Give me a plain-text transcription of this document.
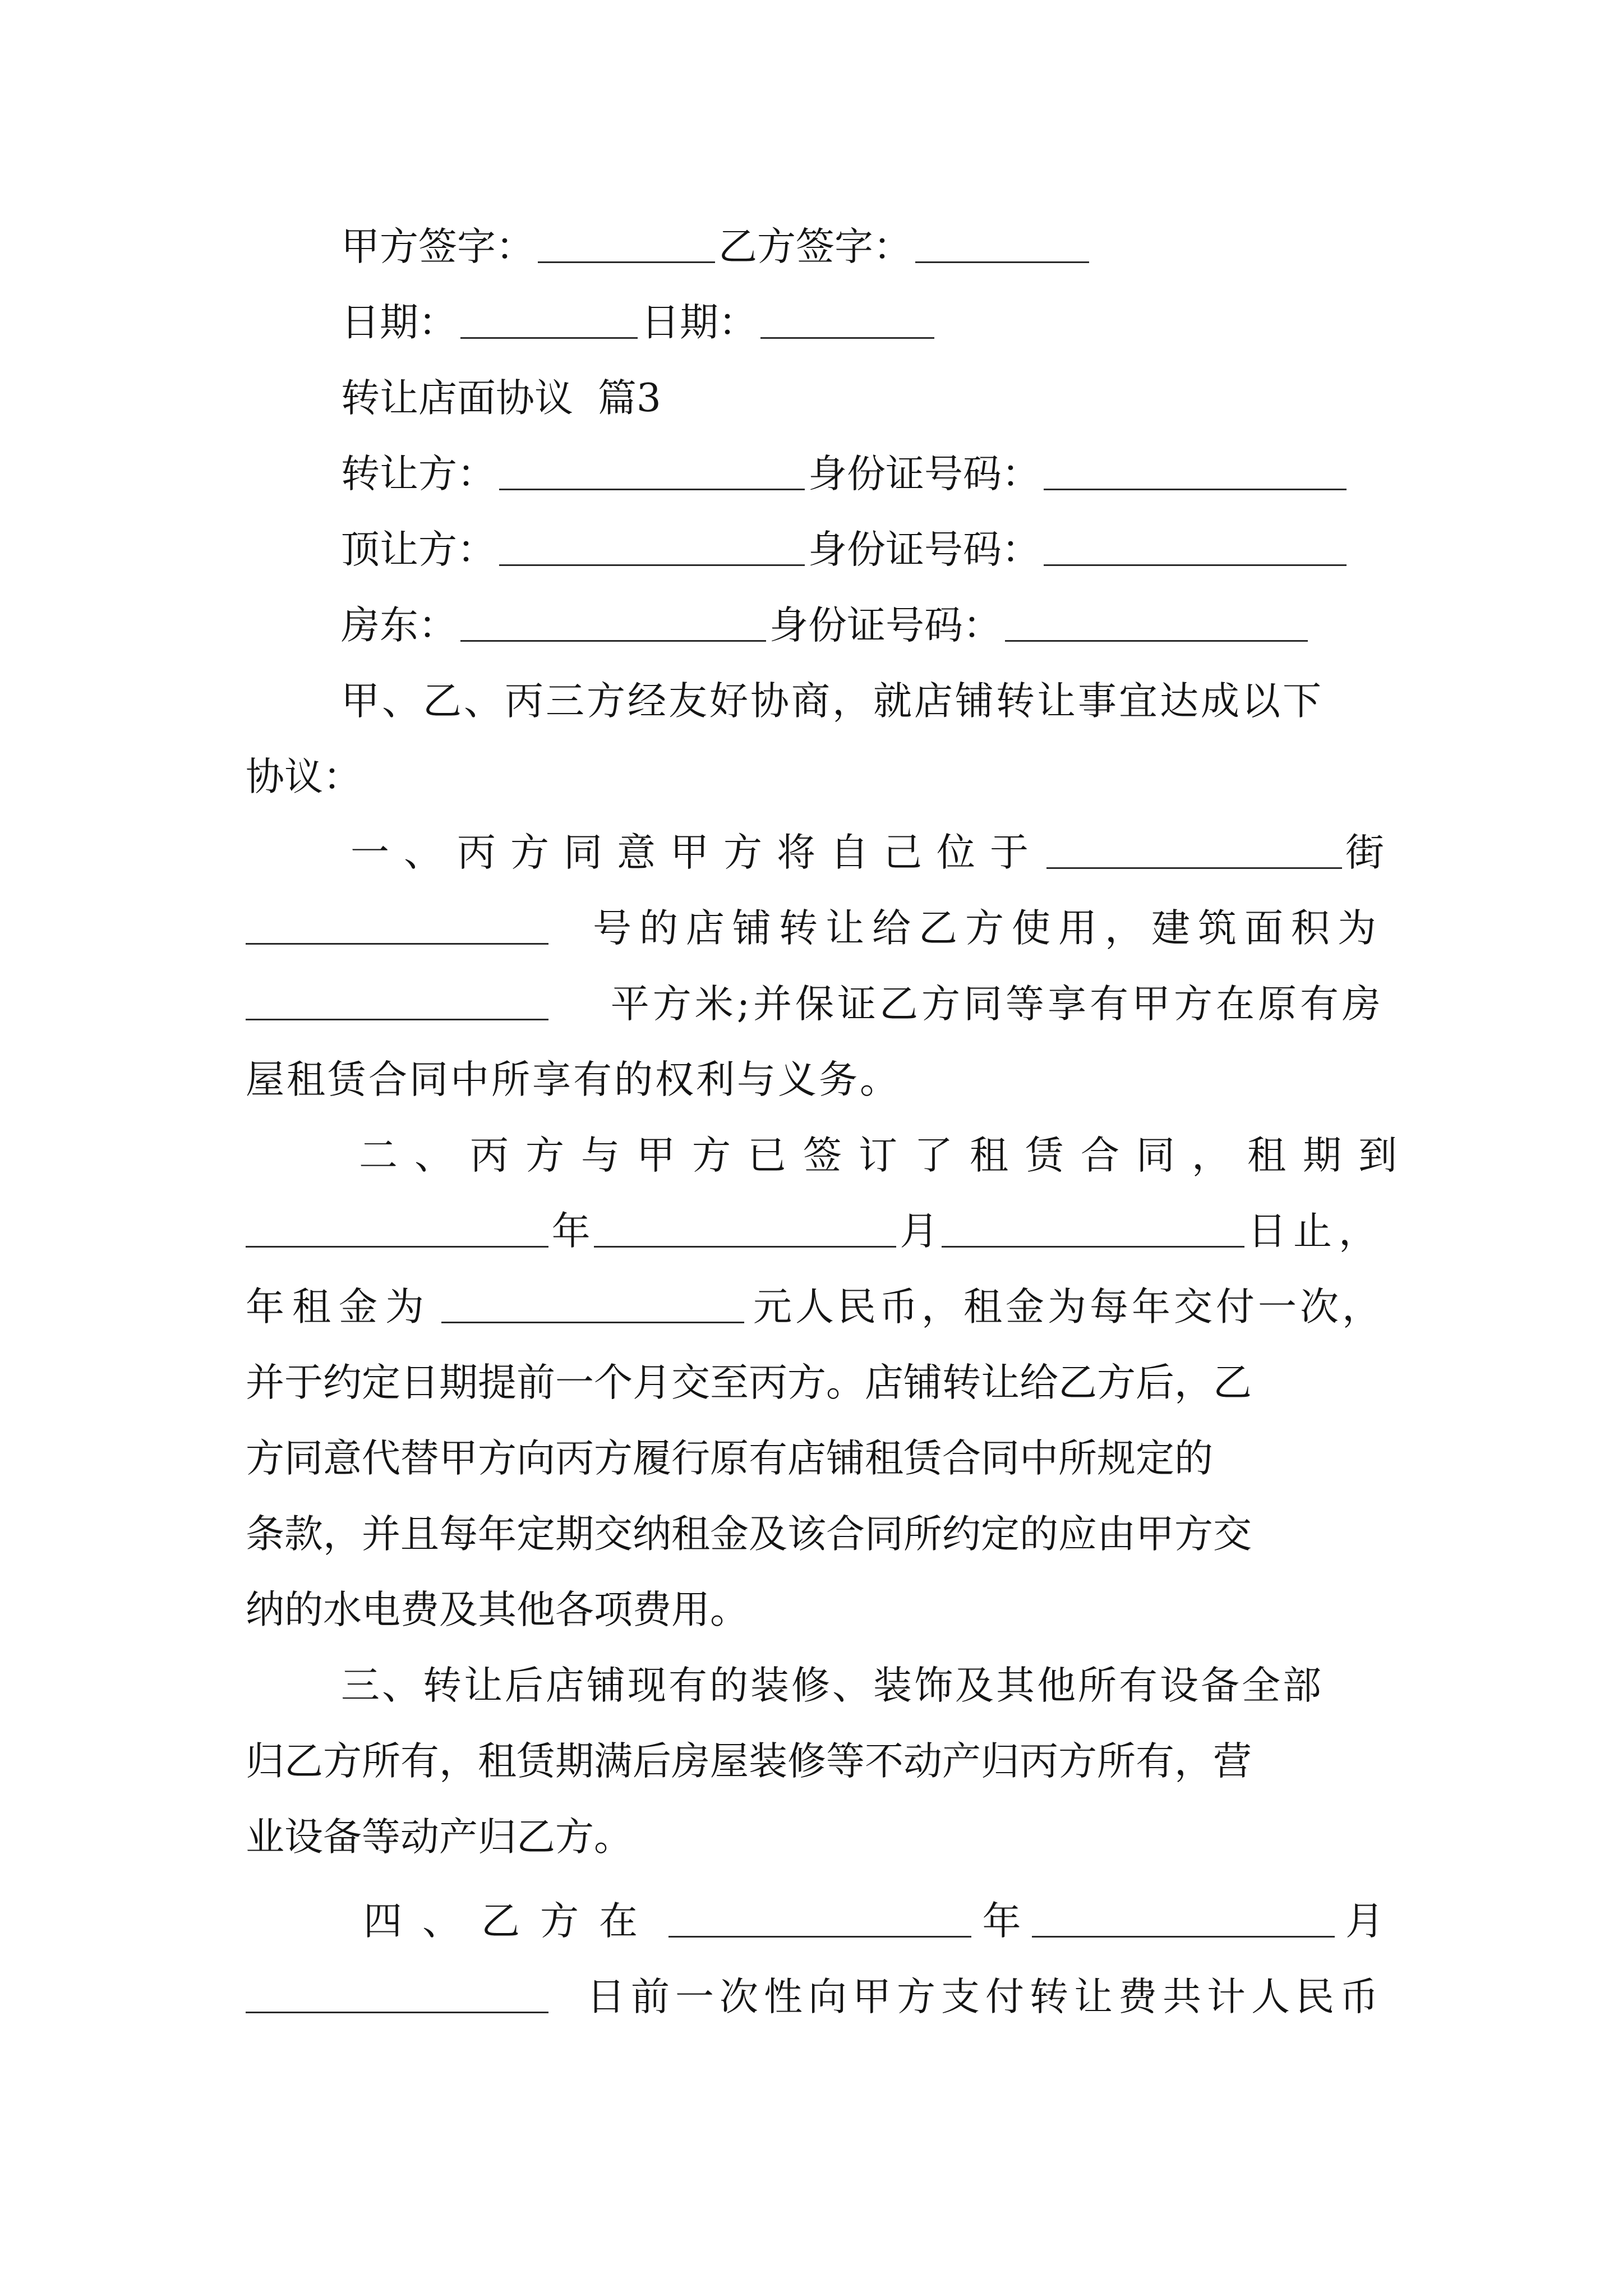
甲方签字：	乙方签字：
日期：	日期：
转让店面协议  篇3
转让方：	身份证号码：
顶让方：	身份证号码：
房东：	身份证号码：
甲、乙、丙三方经友好协商，就店铺转让事宜达成以下
协议：
一、丙方同意甲方将自己位于	街
号的店铺转让给乙方使用，建筑面积为
平方米;并保证乙方同等享有甲方在原有房
屋租赁合同中所享有的权利与义务。
二、丙方与甲方已签订了租赁合同，租期到
年	月	日止，
年租金为	元人民币，租金为每年交付一次，
并于约定日期提前一个月交至丙方。店铺转让给乙方后，乙
方同意代替甲方向丙方履行原有店铺租赁合同中所规定的
条款，并且每年定期交纳租金及该合同所约定的应由甲方交
纳的水电费及其他各项费用。
三、转让后店铺现有的装修、装饰及其他所有设备全部
归乙方所有，租赁期满后房屋装修等不动产归丙方所有，营
业设备等动产归乙方。
四、乙方在	年	月
日前一次性向甲方支付转让费共计人民币
